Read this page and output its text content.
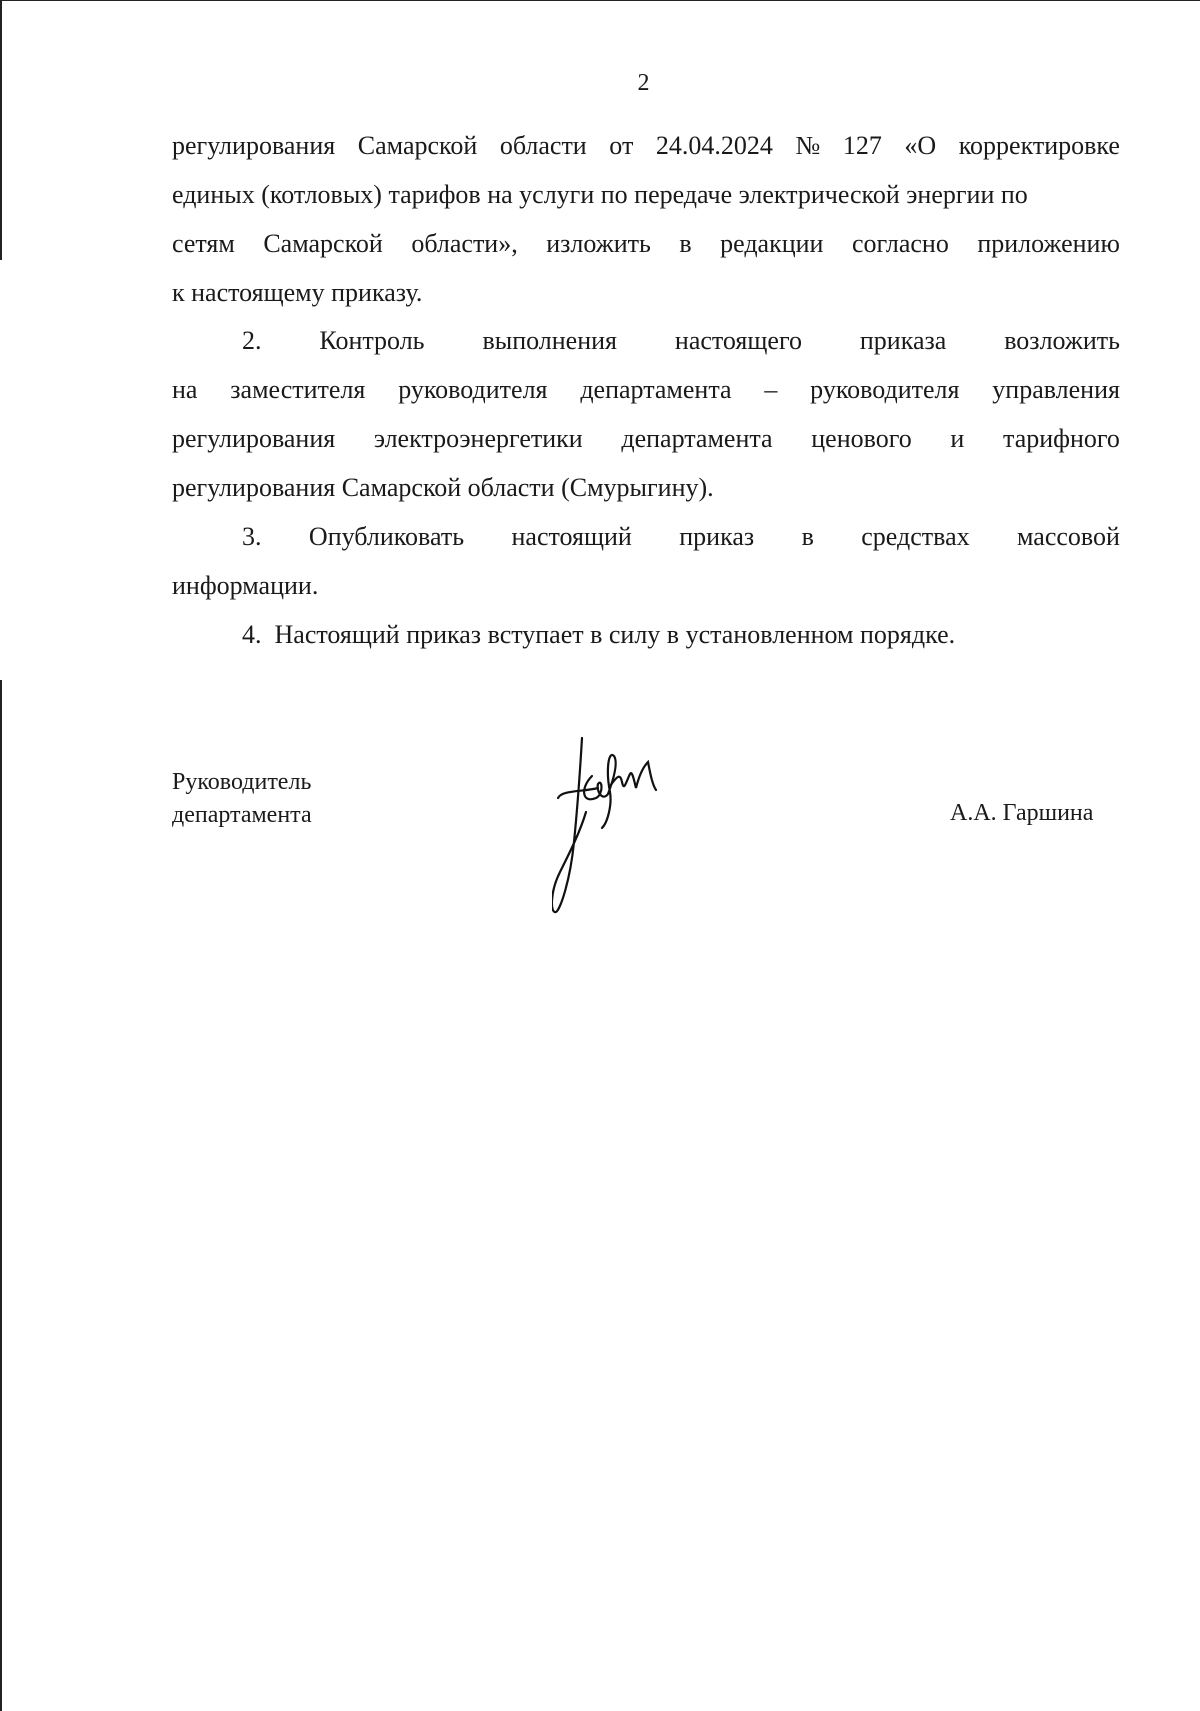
2
регулирования Самарской области от 24.04.2024 № 127 «О корректировке
единых (котловых) тарифов на услуги по передаче электрической энергии по
сетям Самарской области», изложить в редакции согласно приложению
к настоящему приказу.
2. Контроль выполнения настоящего приказа возложить
на заместителя руководителя департамента – руководителя управления
регулирования электроэнергетики департамента ценового и тарифного
регулирования Самарской области (Смурыгину).
3. Опубликовать настоящий приказ в средствах массовой
информации.
4.  Настоящий приказ вступает в силу в установленном порядке.
Руководитель
департамента	А.А. Гаршина
